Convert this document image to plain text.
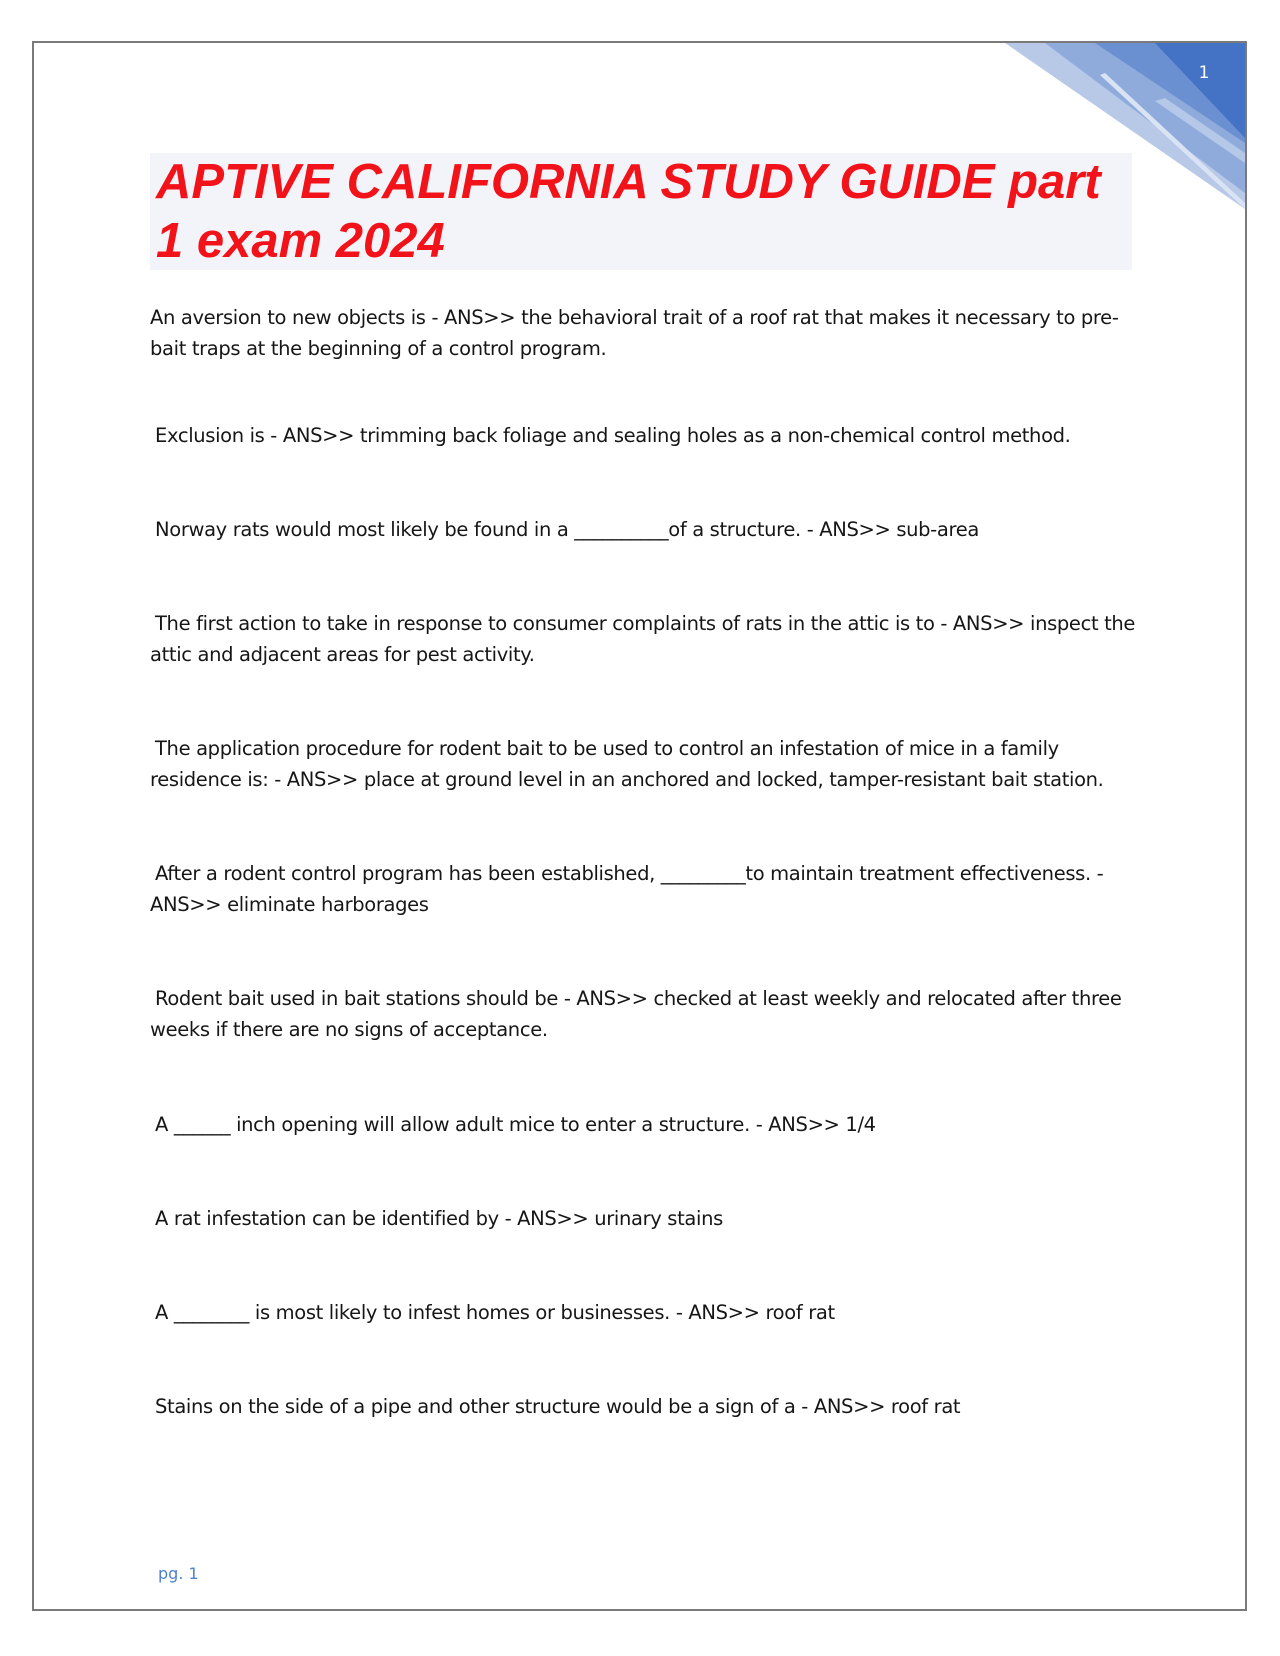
1
APTIVE CALIFORNIA STUDY GUIDE part 1 exam 2024

An aversion to new objects is - ANS>> the behavioral trait of a roof rat that makes it necessary to pre-bait traps at the beginning of a control program.

Exclusion is - ANS>> trimming back foliage and sealing holes as a non-chemical control method.

Norway rats would most likely be found in a __________of a structure. - ANS>> sub-area

The first action to take in response to consumer complaints of rats in the attic is to - ANS>> inspect the attic and adjacent areas for pest activity.

The application procedure for rodent bait to be used to control an infestation of mice in a family residence is: - ANS>> place at ground level in an anchored and locked, tamper-resistant bait station.

After a rodent control program has been established, _________to maintain treatment effectiveness. - ANS>> eliminate harborages

Rodent bait used in bait stations should be - ANS>> checked at least weekly and relocated after three weeks if there are no signs of acceptance.

A ______ inch opening will allow adult mice to enter a structure. - ANS>> 1/4

A rat infestation can be identified by - ANS>> urinary stains

A ________ is most likely to infest homes or businesses. - ANS>> roof rat

Stains on the side of a pipe and other structure would be a sign of a - ANS>> roof rat

pg. 1
